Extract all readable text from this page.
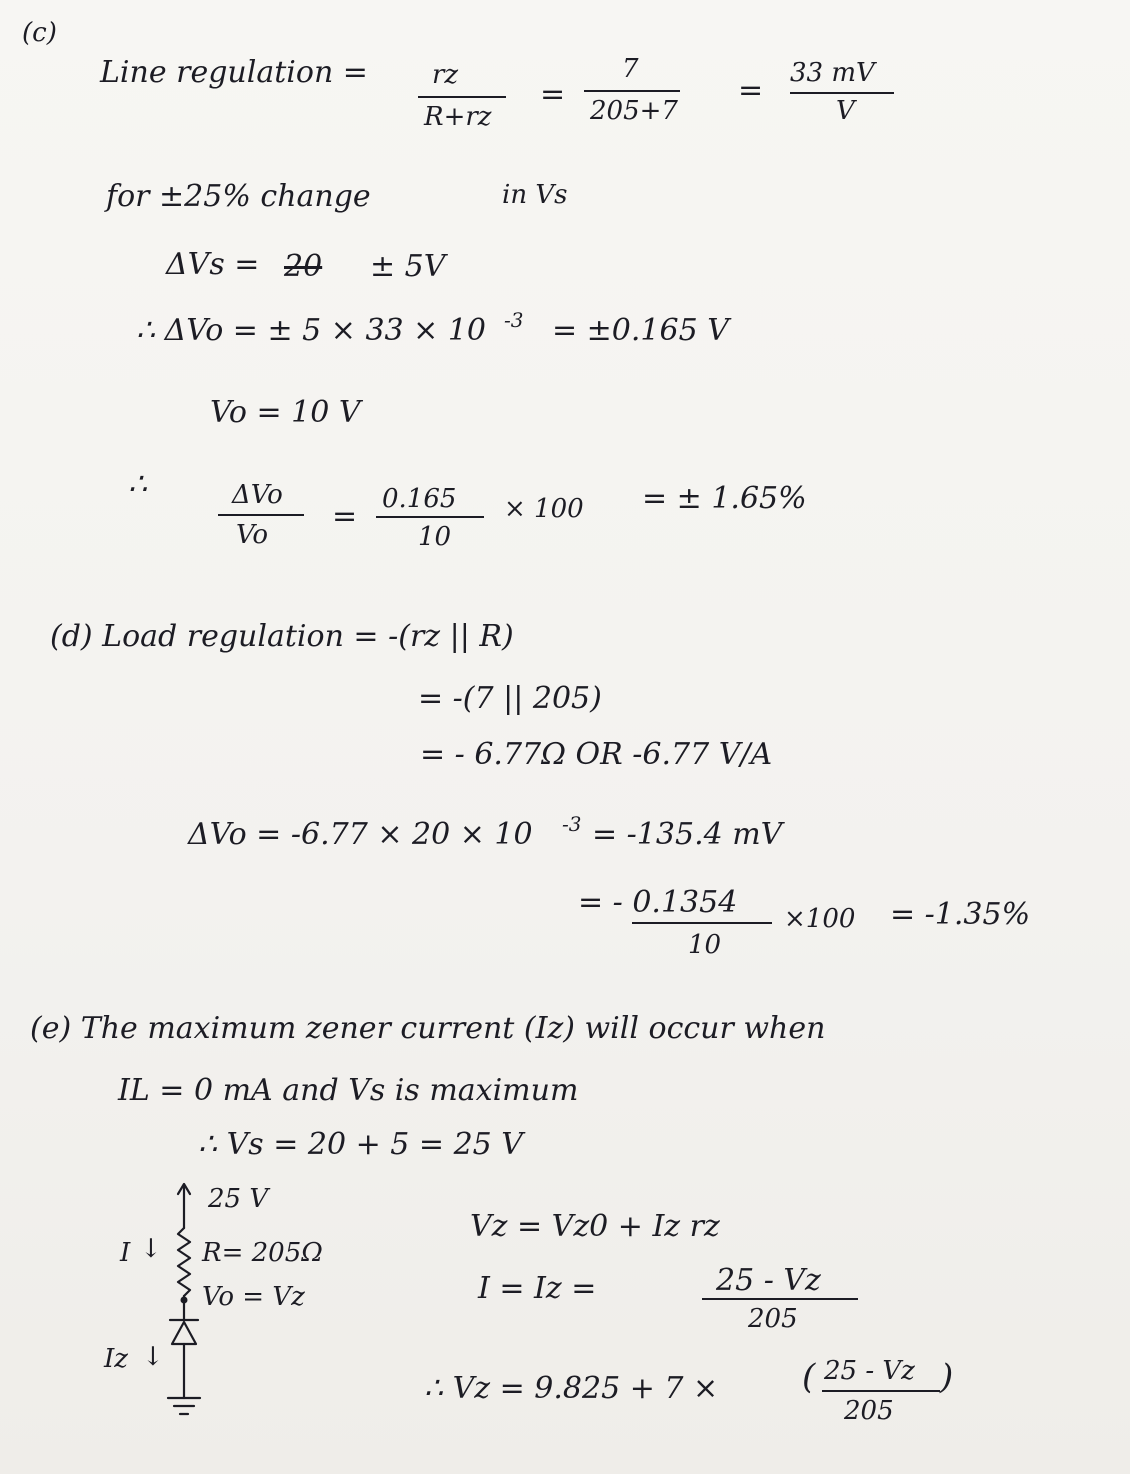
(c)
Line regulation = rz
R+rz
=
7
205+7
= 33 mV
V
for ±25% change	in Vs
ΔVs = 20 ± 5V
∴ ΔVo = ± 5 × 33 × 10 -3 = ±0.165 V
Vo = 10 V
∴	ΔVo
Vo
= 0.165
10
× 100 = ± 1.65%
(d) Load regulation = -(rz || R)
= -(7 || 205)
= - 6.77Ω OR -6.77 V/A
ΔVo = -6.77 × 20 × 10 -3 = -135.4 mV
= - 0.1354
10
×100 = -1.35%
(e) The maximum zener current (Iz) will occur when
IL = 0 mA and Vs is maximum
∴ Vs = 20 + 5 = 25 V
25 V
I ↓ R= 205Ω
Vo = Vz
Iz ↓
Vz = Vz0 + Iz rz
I = Iz =	25 - Vz
205
∴ Vz = 9.825 + 7 × ( 25 - Vz
205
)
